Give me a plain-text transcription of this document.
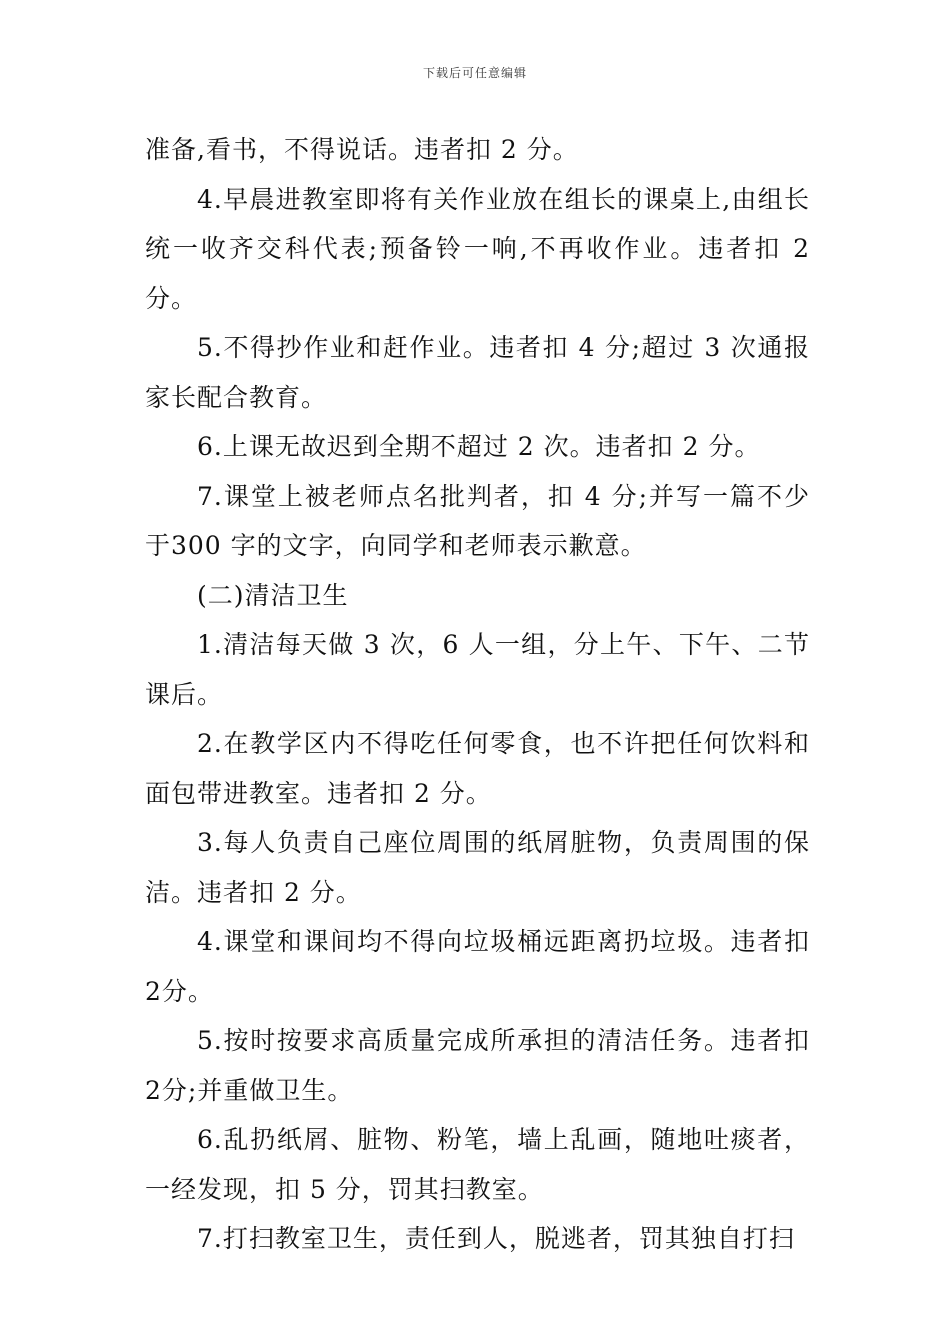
下载后可任意编辑

准备,看书，不得说话。违者扣 2 分。

4.早晨进教室即将有关作业放在组长的课桌上,由组长统一收齐交科代表;预备铃一响,不再收作业。违者扣 2 分。

5.不得抄作业和赶作业。违者扣 4 分;超过 3 次通报家长配合教育。

6.上课无故迟到全期不超过 2 次。违者扣 2 分。

7.课堂上被老师点名批判者，扣 4 分;并写一篇不少于300 字的文字，向同学和老师表示歉意。

(二)清洁卫生

1.清洁每天做 3 次，6 人一组，分上午、下午、二节课后。

2.在教学区内不得吃任何零食，也不许把任何饮料和面包带进教室。违者扣 2 分。

3.每人负责自己座位周围的纸屑脏物，负责周围的保洁。违者扣 2 分。

4.课堂和课间均不得向垃圾桶远距离扔垃圾。违者扣 2分。

5.按时按要求高质量完成所承担的清洁任务。违者扣 2分;并重做卫生。

6.乱扔纸屑、脏物、粉笔，墙上乱画，随地吐痰者，一经发现，扣 5 分，罚其扫教室。

7.打扫教室卫生，责任到人，脱逃者，罚其独自打扫
